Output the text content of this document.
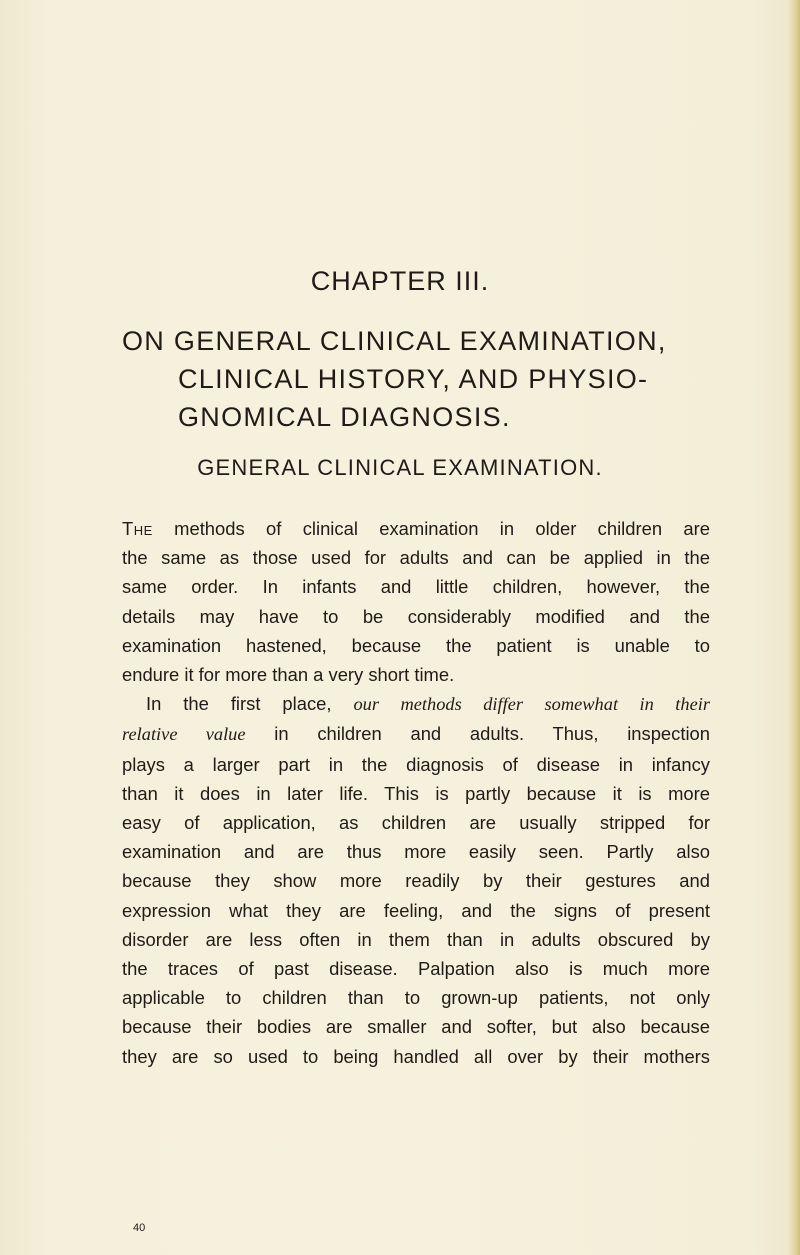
CHAPTER III.
ON GENERAL CLINICAL EXAMINATION,
CLINICAL HISTORY, AND PHYSIO-
GNOMICAL DIAGNOSIS.
GENERAL CLINICAL EXAMINATION.
The methods of clinical examination in older children are
the same as those used for adults and can be applied in the
same order. In infants and little children, however, the
details may have to be considerably modified and the
examination hastened, because the patient is unable to
endure it for more than a very short time.
In the first place, our methods differ somewhat in their
relative value in children and adults. Thus, inspection
plays a larger part in the diagnosis of disease in infancy
than it does in later life. This is partly because it is more
easy of application, as children are usually stripped for
examination and are thus more easily seen. Partly also
because they show more readily by their gestures and
expression what they are feeling, and the signs of present
disorder are less often in them than in adults obscured by
the traces of past disease. Palpation also is much more
applicable to children than to grown-up patients, not only
because their bodies are smaller and softer, but also because
they are so used to being handled all over by their mothers
40
